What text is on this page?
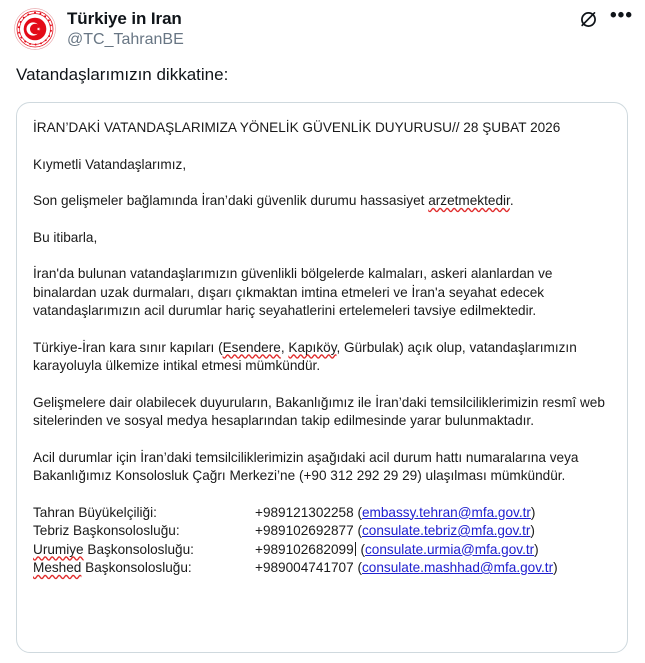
Türkiye in Iran
@TC_TahranBE
•••
Vatandaşlarımızın dikkatine:

İRAN’DAKİ VATANDAŞLARIMIZA YÖNELİK GÜVENLİK DUYURUSU// 28 ŞUBAT 2026

Kıymetli Vatandaşlarımız,

Son gelişmeler bağlamında İran’daki güvenlik durumu hassasiyet arzetmektedir.

Bu itibarla,

İran'da bulunan vatandaşlarımızın güvenlikli bölgelerde kalmaları, askeri alanlardan ve binalardan uzak durmaları, dışarı çıkmaktan imtina etmeleri ve İran'a seyahat edecek vatandaşlarımızın acil durumlar hariç seyahatlerini ertelemeleri tavsiye edilmektedir.

Türkiye-İran kara sınır kapıları (Esendere, Kapıköy, Gürbulak) açık olup, vatandaşlarımızın karayoluyla ülkemize intikal etmesi mümkündür.

Gelişmelere dair olabilecek duyuruların, Bakanlığımız ile İran’daki temsilciliklerimizin resmî web sitelerinden ve sosyal medya hesaplarından takip edilmesinde yarar bulunmaktadır.

Acil durumlar için İran’daki temsilciliklerimizin aşağıdaki acil durum hattı numaralarına veya Bakanlığımız Konsolosluk Çağrı Merkezi’ne (+90 312 292 29 29) ulaşılması mümkündür.

Tahran Büyükelçiliği:	+989121302258 (embassy.tehran@mfa.gov.tr)
Tebriz Başkonsolosluğu:	+989102692877 (consulate.tebriz@mfa.gov.tr)
Urumiye Başkonsolosluğu:	+989102682099 (consulate.urmia@mfa.gov.tr)
Meshed Başkonsolosluğu:	+989004741707 (consulate.mashhad@mfa.gov.tr)
